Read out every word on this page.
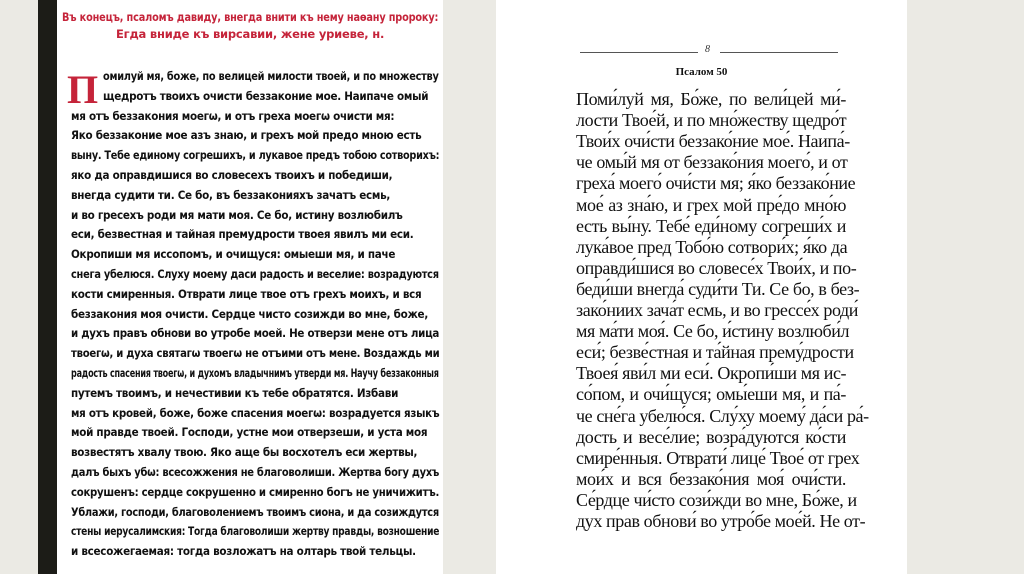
Въ конецъ, псаломъ давиду, внегда внити къ нему наѳану пророку:
Егда вниде къ вирсавии, жене уриеве, н.
П омилуй мя, боже, по велицей милости твоей, и по множеству
щедротъ твоихъ очисти беззаконие мое. Наипаче омый
мя отъ беззакония моегω, и отъ греха моегω очисти мя:
Яко беззаконие мое азъ знаю, и грехъ мой предо мною есть
выну. Тебе единому согрешихъ, и лукавое предъ тобою сотворихъ:
яко да оправдишися во словесехъ твоихъ и победиши,
внегда судити ти. Се бо, въ беззаконияхъ зачатъ есмь,
и во гресехъ роди мя мати моя. Се бо, истину возлюбилъ
еси, безвестная и тайная премудрости твоея явилъ ми еси.
Окропиши мя иссопомъ, и очищуся: омыеши мя, и паче
снега убелюся. Слуху моему даси радость и веселие: возрадуются
кости смиренныя. Отврати лице твое отъ грехъ моихъ, и вся
беззакония моя очисти. Сердце чисто созижди во мне, боже,
и духъ правъ обнови во утробе моей. Не отверзи мене отъ лица
твоегω, и духа святагω твоегω не отъими отъ мене. Воздаждь ми
радость спасения твоегω, и духомъ владычнимъ утверди мя. Научу беззаконныя
путемъ твоимъ, и нечестивии къ тебе обратятся. Избави
мя отъ кровей, боже, боже спасения моегω: возрадуется языкъ
мой правде твоей. Господи, устне мои отверзеши, и уста моя
возвестятъ хвалу твою. Яко аще бы восхотелъ еси жертвы,
далъ быхъ убω: всесожжения не благоволиши. Жертва богу духъ
сокрушенъ: сердце сокрушенно и смиренно богъ не уничижитъ.
Ублажи, господи, благоволениемъ твоимъ сиона, и да созиждутся
стены иерусалимския: Тогда благоволиши жертву правды, возношение
и всесожегаемая: тогда возложатъ на олтарь твой тельцы.
8
Псалом 50
Поми́луй мя, Бо́же, по вели́цей ми́-
лости Твое́й, и по мно́жеству щедро́т
Твои́х очи́сти беззако́ние мое́. Наипа́-
че омы́й мя от беззако́ния моего́, и от
греха́ моего́ очи́сти мя; я́ко беззако́ние
мое́ аз зна́ю, и грех мой пре́до мно́ю
есть вы́ну. Тебе́ еди́ному согреши́х и
лука́вое пред Тобо́ю сотвори́х; я́ко да
оправди́шися во словесе́х Твои́х, и по-
беди́ши внегда́ суди́ти Ти. Се бо, в без-
зако́ниих зача́т есмь, и во грессе́х роди́
мя ма́ти моя́. Се бо, и́стину возлюби́л
еси́; безве́стная и та́йная прему́дрости
Твоея́ яви́л ми еси́. Окропи́ши мя ис-
со́пом, и очи́щуся; омы́еши мя, и па́-
че сне́га убелю́ся. Слу́ху моему́ да́си ра́-
дость и весе́лие; возра́дуются ко́сти
смире́нныя. Отврати́ лице́ Твое́ от грех
мои́х и вся беззако́ния моя́ очи́сти.
Се́рдце чи́сто сози́жди во мне, Бо́же, и
дух прав обнови́ во утро́бе мое́й. Не от-
